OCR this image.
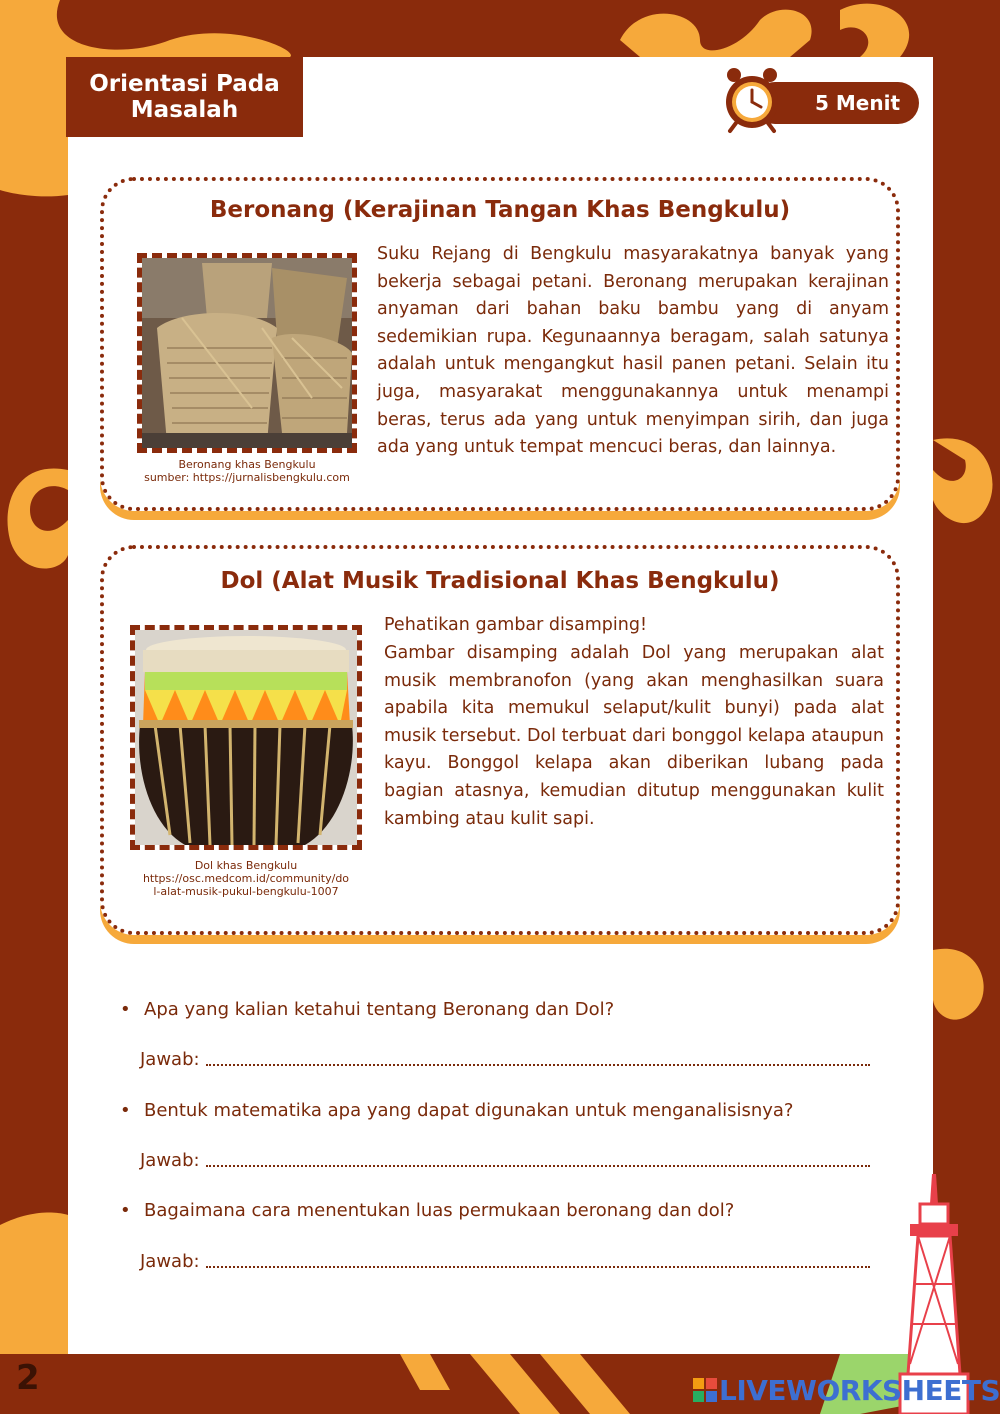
Orientasi Pada
Masalah	5 Menit
Beronang (Kerajinan Tangan Khas Bengkulu)
Beronang khas Bengkulu
sumber: https://jurnalisbengkulu.com
Suku Rejang di Bengkulu masyarakatnya banyak yang bekerja sebagai petani. Beronang merupakan kerajinan anyaman dari bahan baku bambu yang di anyam sedemikian rupa. Kegunaannya beragam, salah satunya adalah untuk mengangkut hasil panen petani. Selain itu juga, masyarakat menggunakannya untuk menampi beras, terus ada yang untuk menyimpan sirih, dan juga ada yang untuk tempat mencuci beras, dan lainnya.
Dol (Alat Musik Tradisional Khas Bengkulu)
Dol khas Bengkulu
https://osc.medcom.id/community/do
l-alat-musik-pukul-bengkulu-1007
Pehatikan gambar disamping!
Gambar disamping adalah Dol yang merupakan alat musik membranofon (yang akan menghasilkan suara apabila kita memukul selaput/kulit bunyi) pada alat musik tersebut. Dol terbuat dari bonggol kelapa ataupun kayu. Bonggol kelapa akan diberikan lubang pada bagian atasnya, kemudian ditutup menggunakan kulit kambing atau kulit sapi.
• Apa yang kalian ketahui tentang Beronang dan Dol?
Jawab:
• Bentuk matematika apa yang dapat digunakan untuk menganalisisnya?
Jawab:
• Bagaimana cara menentukan luas permukaan beronang dan dol?
Jawab:
2	LIVEWORKSHEETS
